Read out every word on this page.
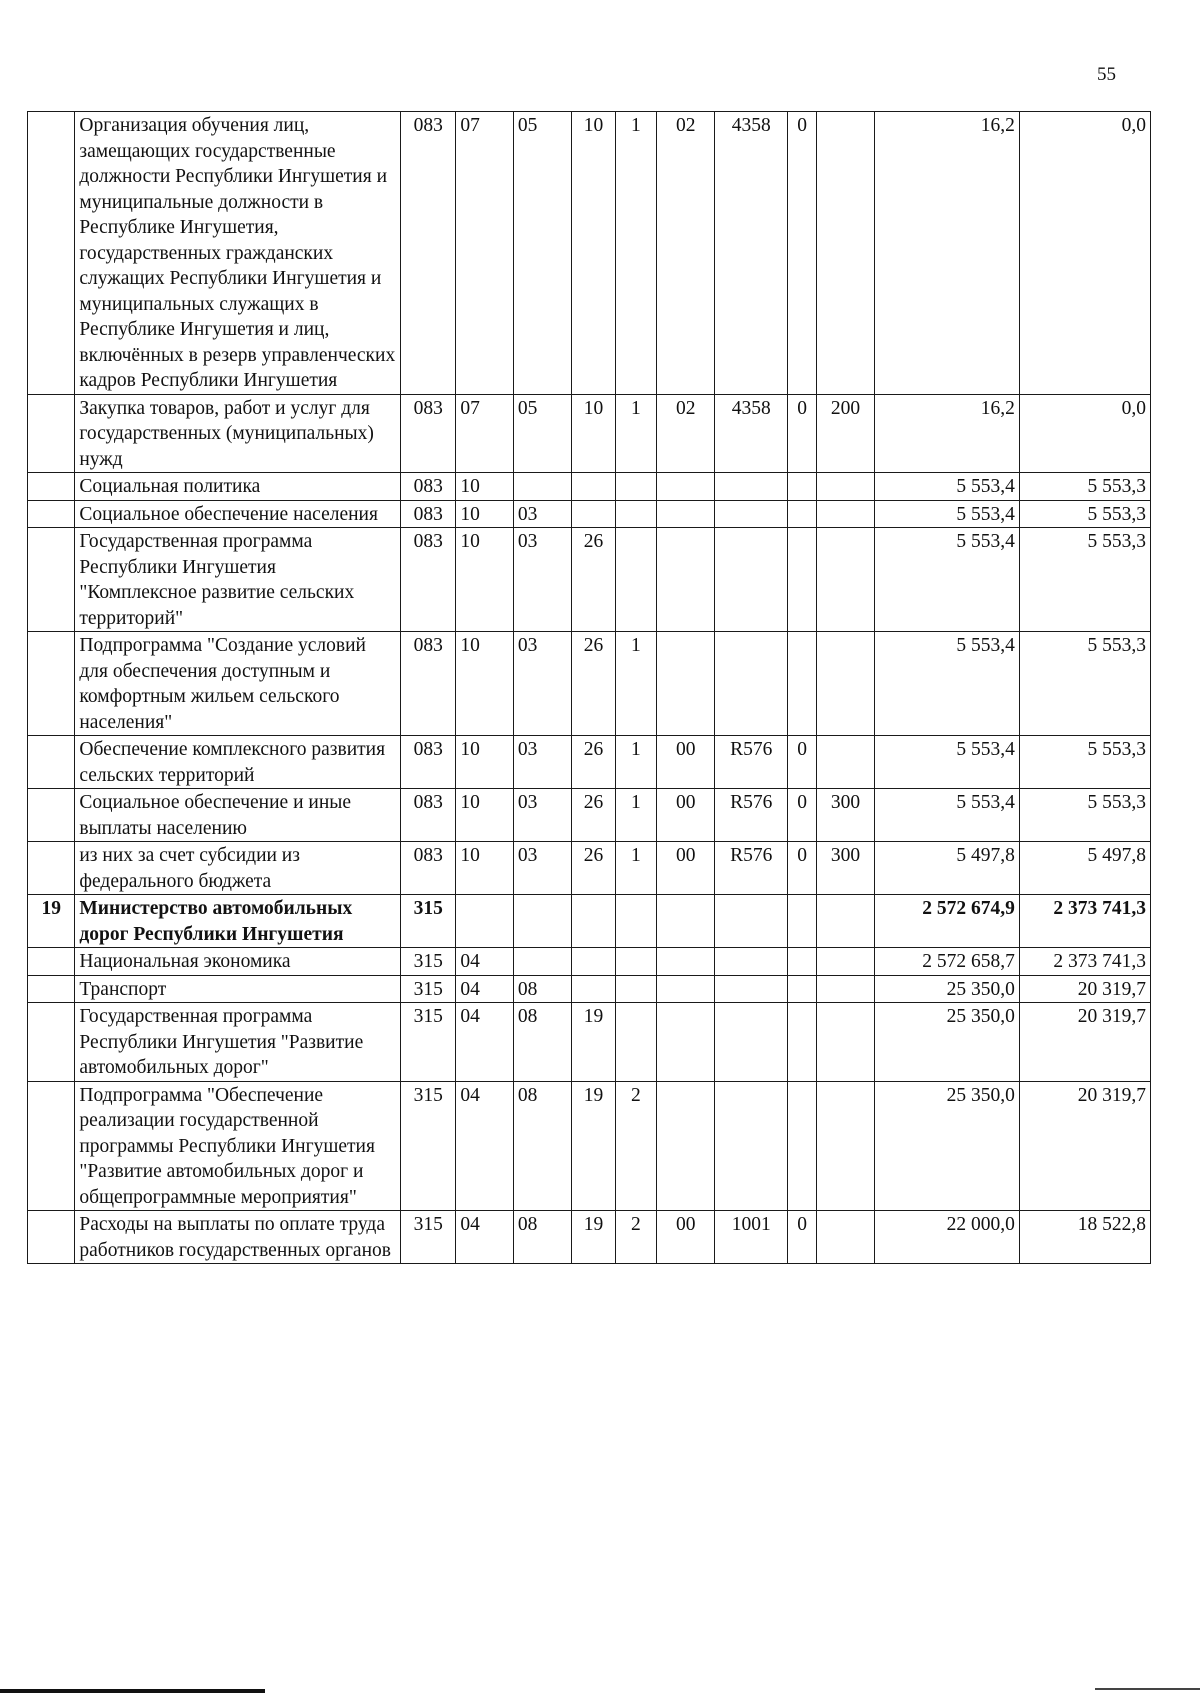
55
	Организация обучения лиц, замещающих государственные должности Республики Ингушетия и муниципальные должности в Республике Ингушетия, государственных гражданских служащих Республики Ингушетия и муниципальных служащих в Республике Ингушетия и лиц, включённых в резерв управленческих кадров Республики Ингушетия	083	07	05	10	1	02	4358	0		16,2	0,0
	Закупка товаров, работ и услуг для государственных (муниципальных) нужд	083	07	05	10	1	02	4358	0	200	16,2	0,0
	Социальная политика	083	10								5 553,4	5 553,3
	Социальное обеспечение населения	083	10	03							5 553,4	5 553,3
	Государственная программа Республики Ингушетия "Комплексное развитие сельских территорий"	083	10	03	26						5 553,4	5 553,3
	Подпрограмма "Создание условий для обеспечения доступным и комфортным жильем сельского населения"	083	10	03	26	1					5 553,4	5 553,3
	Обеспечение комплексного развития сельских территорий	083	10	03	26	1	00	R576	0		5 553,4	5 553,3
	Социальное обеспечение и иные выплаты населению	083	10	03	26	1	00	R576	0	300	5 553,4	5 553,3
	из них за счет субсидии из федерального бюджета	083	10	03	26	1	00	R576	0	300	5 497,8	5 497,8
19	Министерство автомобильных дорог Республики Ингушетия	315									2 572 674,9	2 373 741,3
	Национальная экономика	315	04								2 572 658,7	2 373 741,3
	Транспорт	315	04	08							25 350,0	20 319,7
	Государственная программа Республики Ингушетия "Развитие автомобильных дорог"	315	04	08	19						25 350,0	20 319,7
	Подпрограмма "Обеспечение реализации государственной программы Республики Ингушетия "Развитие автомобильных дорог и общепрограммные мероприятия"	315	04	08	19	2					25 350,0	20 319,7
	Расходы на выплаты по оплате труда работников государственных органов	315	04	08	19	2	00	1001	0		22 000,0	18 522,8
